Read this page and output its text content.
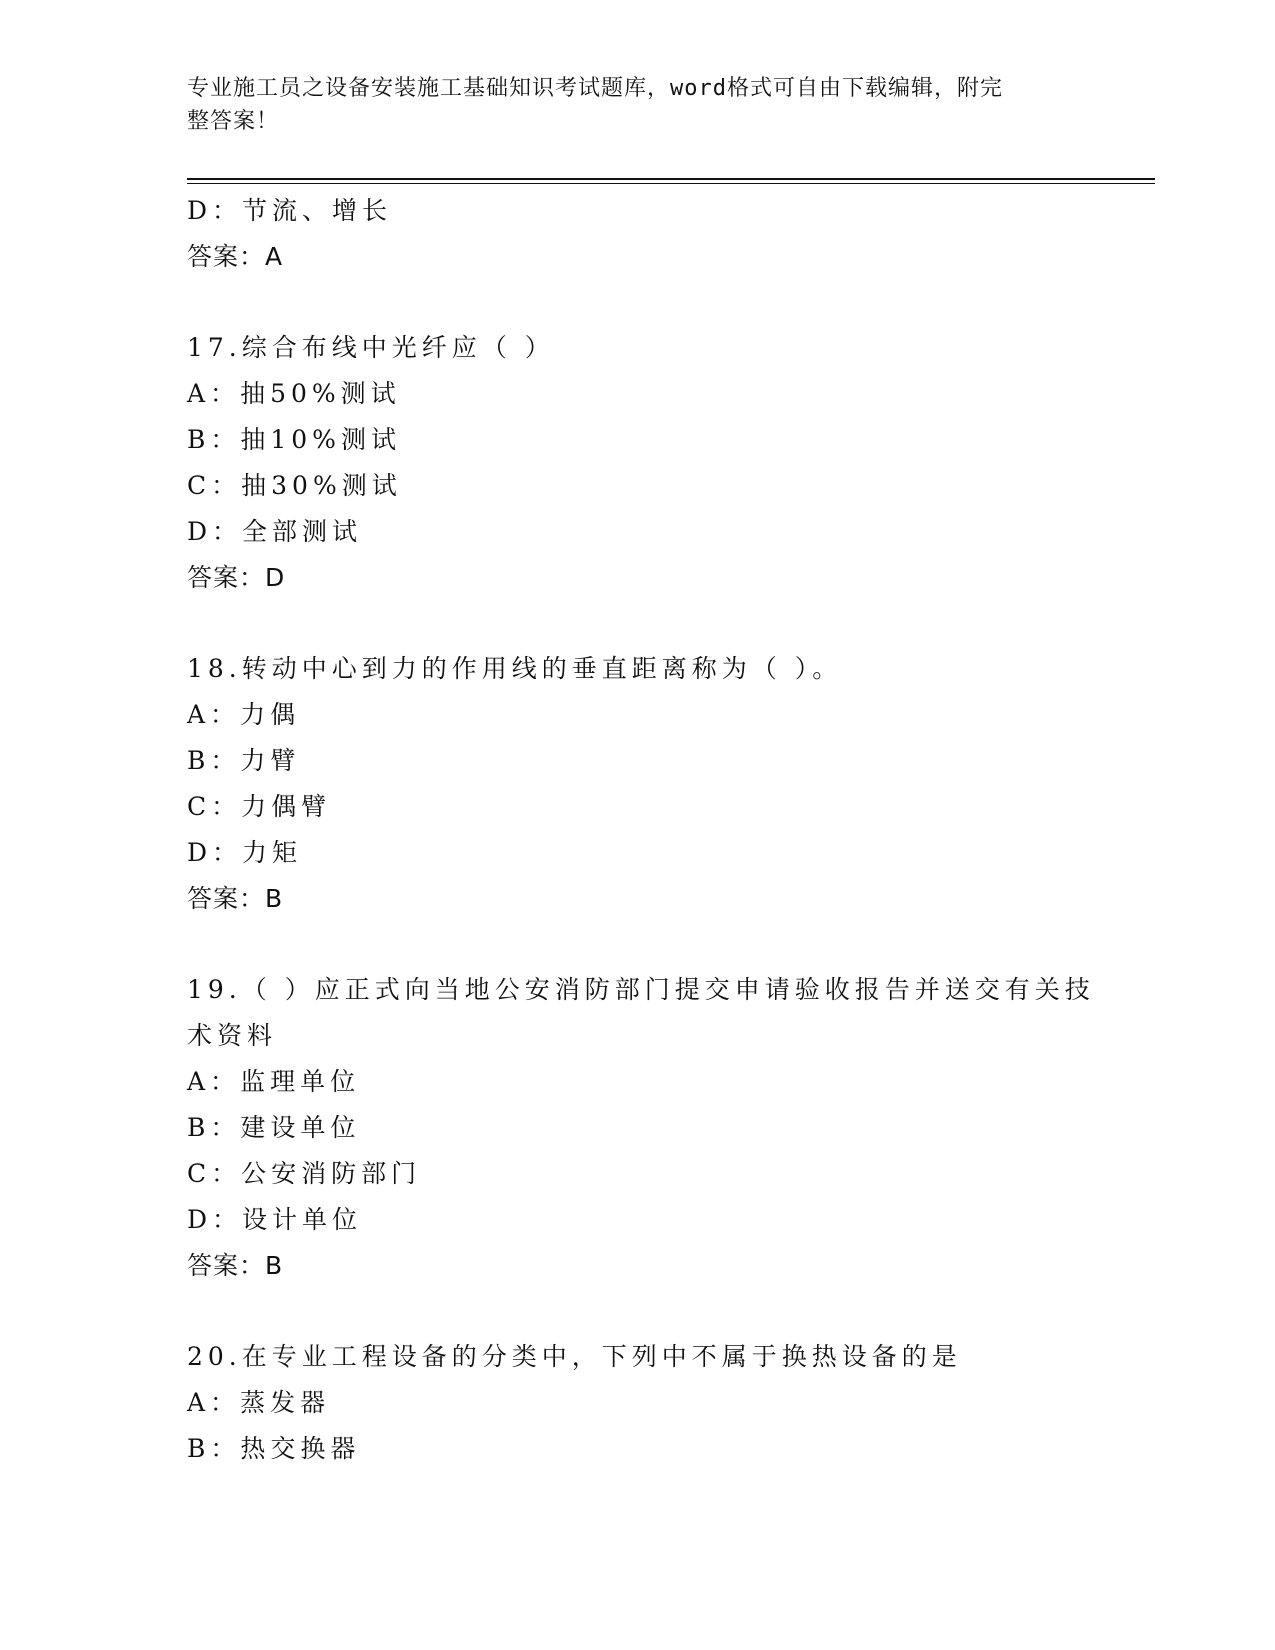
专业施工员之设备安装施工基础知识考试题库，word格式可自由下载编辑，附完
整答案！
D：节流、增长
答案：A
17.综合布线中光纤应（ ）
A：抽50%测试
B：抽10%测试
C：抽30%测试
D：全部测试
答案：D
18.转动中心到力的作用线的垂直距离称为（ ）。
A：力偶
B：力臂
C：力偶臂
D：力矩
答案：B
19.（ ）应正式向当地公安消防部门提交申请验收报告并送交有关技
术资料
A：监理单位
B：建设单位
C：公安消防部门
D：设计单位
答案：B
20.在专业工程设备的分类中，下列中不属于换热设备的是
A：蒸发器
B：热交换器
